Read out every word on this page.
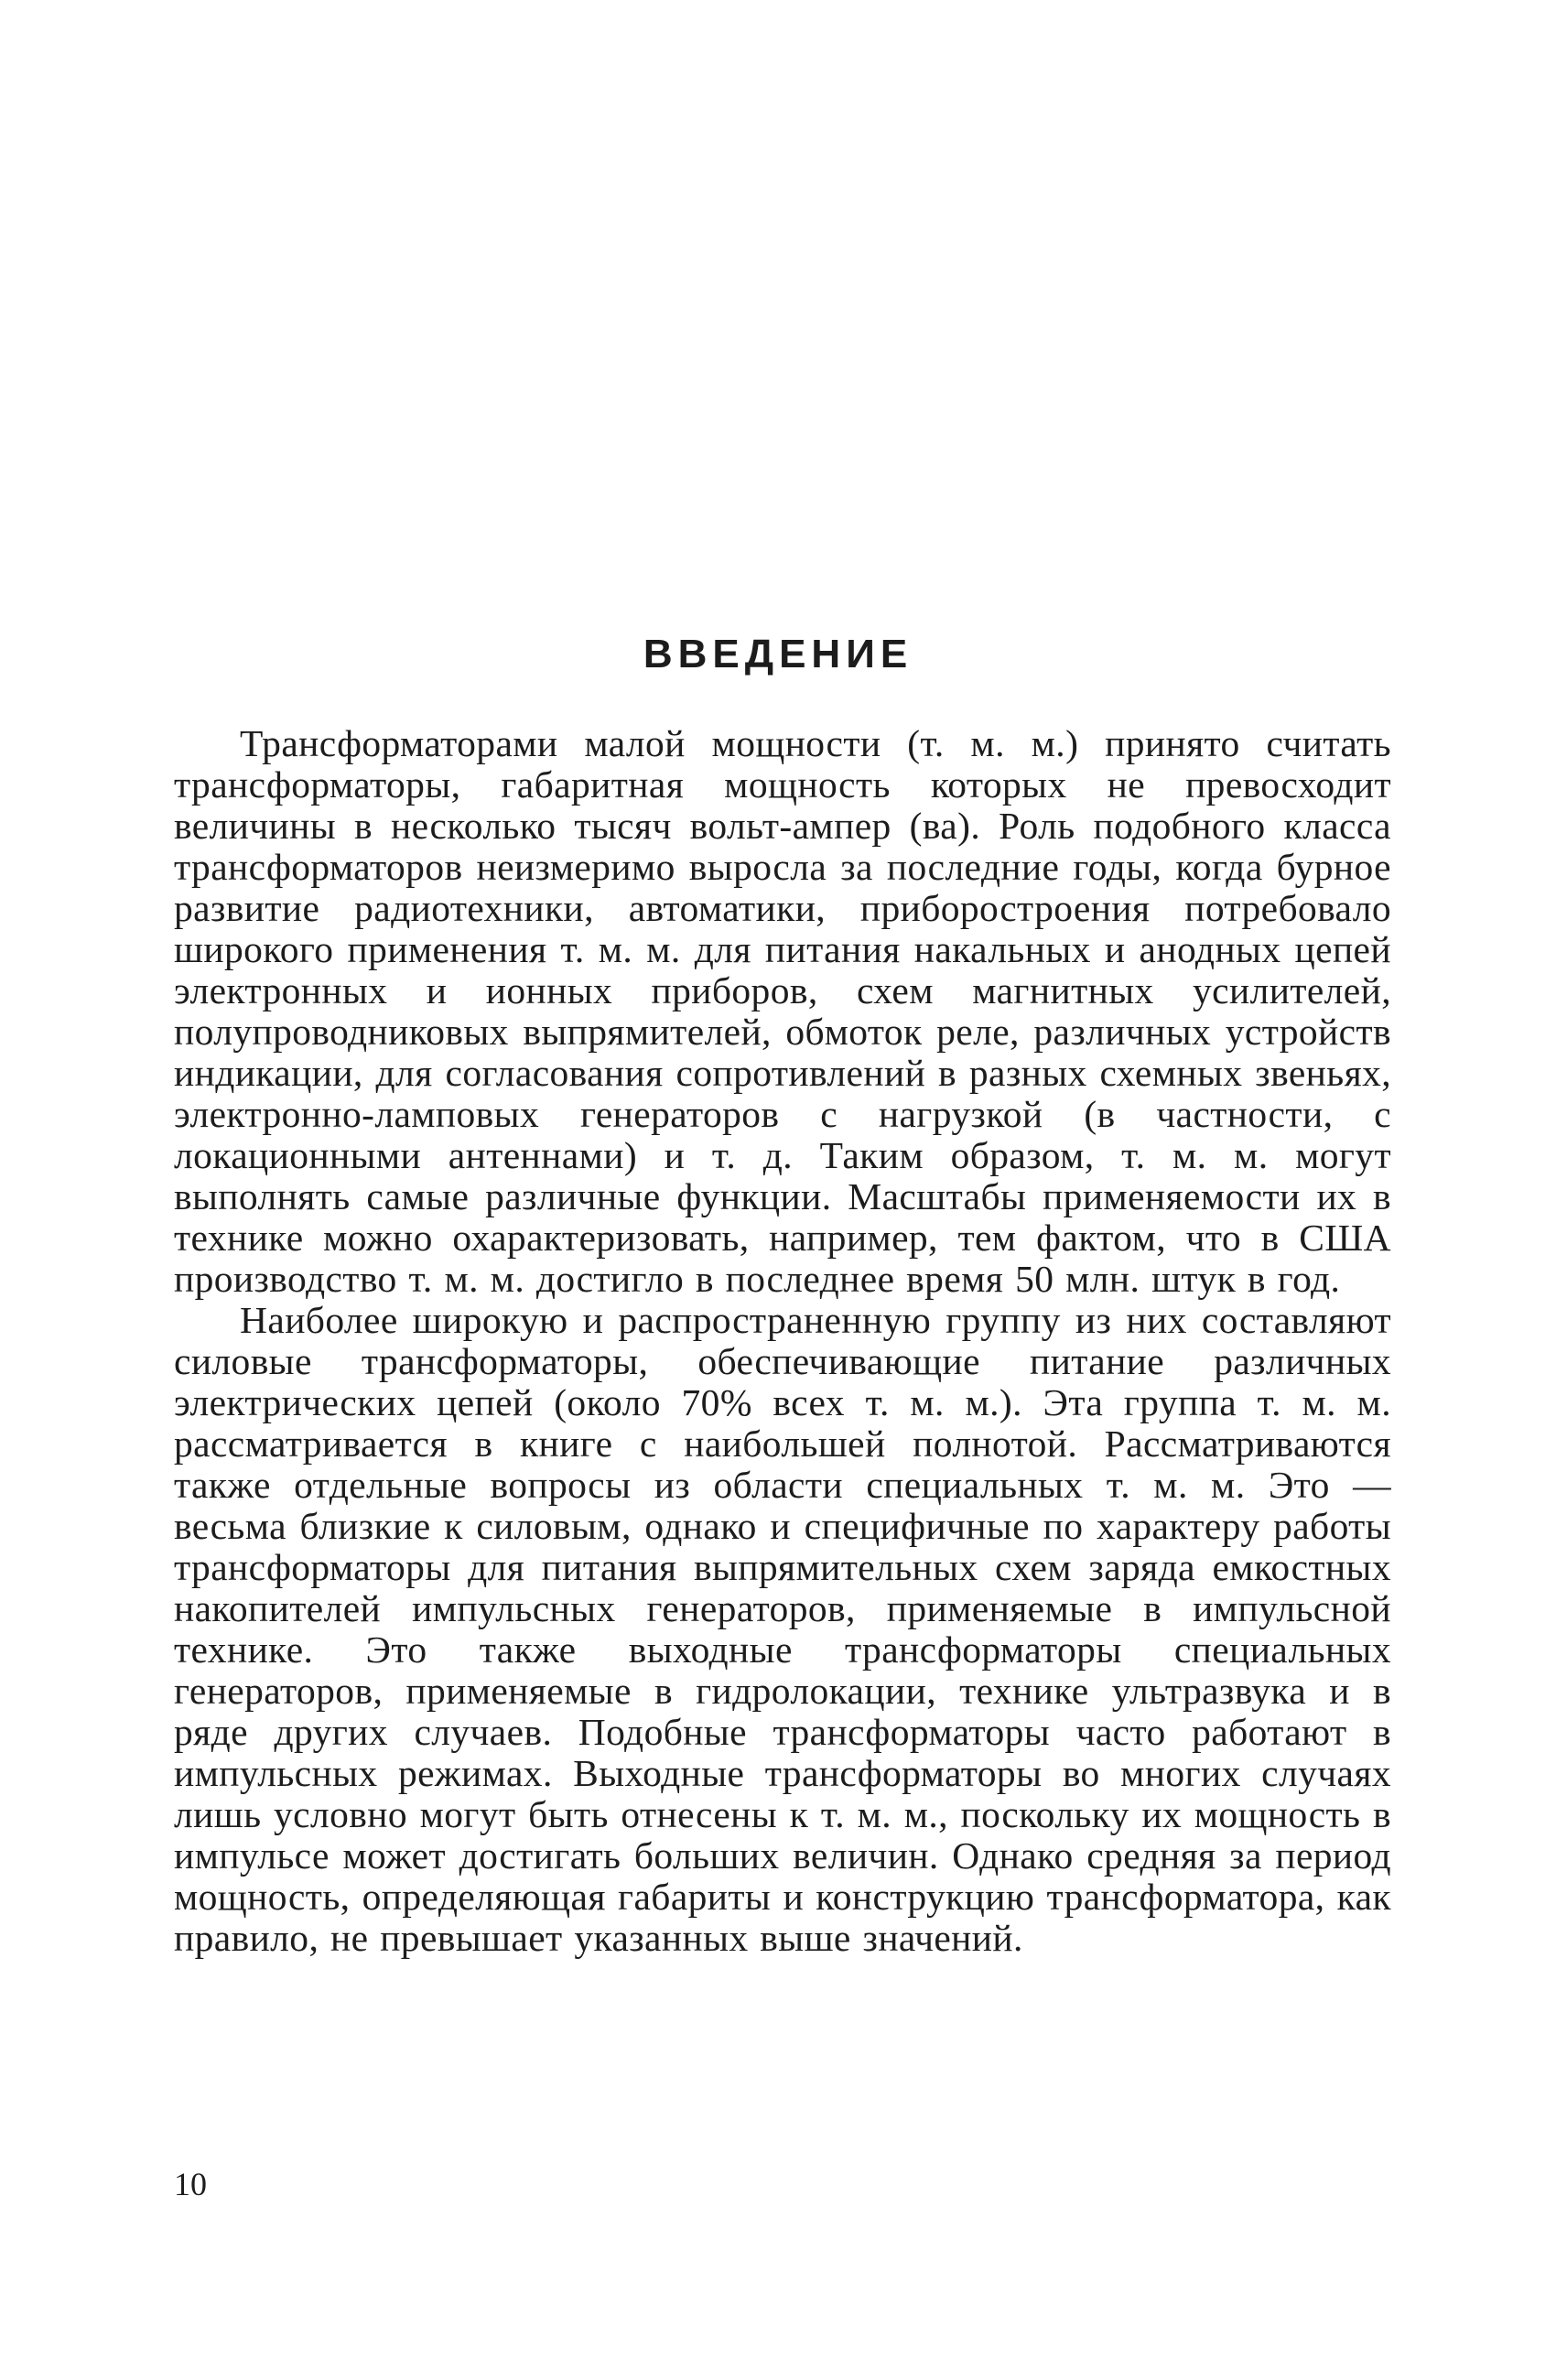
ВВЕДЕНИЕ

Трансформаторами малой мощности (т. м. м.) принято считать трансформаторы, габаритная мощность которых не превосходит величины в несколько тысяч вольт-ампер (ва). Роль подобного класса трансформаторов неизмеримо выросла за последние годы, когда бурное развитие радиотехники, автоматики, приборостроения потребовало широкого применения т. м. м. для питания накальных и анодных цепей электронных и ионных приборов, схем магнитных усилителей, полупроводниковых выпрямителей, обмоток реле, различных устройств индикации, для согласования сопротивлений в разных схемных звеньях, электронно-ламповых генераторов с нагрузкой (в частности, с локационными антеннами) и т. д. Таким образом, т. м. м. могут выполнять самые различные функции. Масштабы применяемости их в технике можно охарактеризовать, например, тем фактом, что в США производство т. м. м. достигло в последнее время 50 млн. штук в год.

Наиболее широкую и распространенную группу из них составляют силовые трансформаторы, обеспечивающие питание различных электрических цепей (около 70% всех т. м. м.). Эта группа т. м. м. рассматривается в книге с наибольшей полнотой. Рассматриваются также отдельные вопросы из области специальных т. м. м. Это — весьма близкие к силовым, однако и специфичные по характеру работы трансформаторы для питания выпрямительных схем заряда емкостных накопителей импульсных генераторов, применяемые в импульсной технике. Это также выходные трансформаторы специальных генераторов, применяемые в гидролокации, технике ультразвука и в ряде других случаев. Подобные трансформаторы часто работают в импульсных режимах. Выходные трансформаторы во многих случаях лишь условно могут быть отнесены к т. м. м., поскольку их мощность в импульсе может достигать больших величин. Однако средняя за период мощность, определяющая габариты и конструкцию трансформатора, как правило, не превышает указанных выше значений.

10
